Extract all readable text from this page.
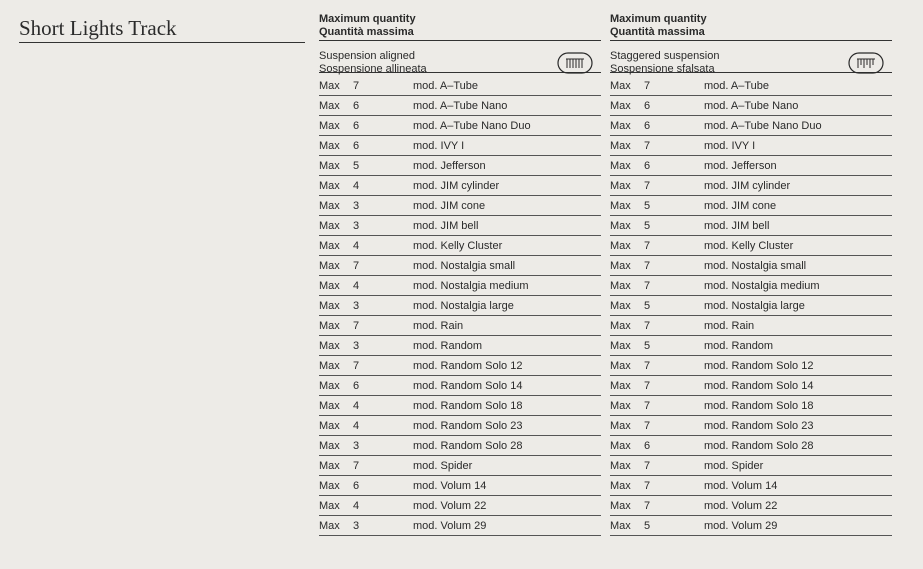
Short Lights Track	Maximum quantity
Quantità massima
Suspension aligned
Sospensione allineata
Max	7	mod. A–Tube
Max	6	mod. A–Tube Nano
Max	6	mod. A–Tube Nano Duo
Max	6	mod. IVY I
Max	5	mod. Jefferson
Max	4	mod. JIM cylinder
Max	3	mod. JIM cone
Max	3	mod. JIM bell
Max	4	mod. Kelly Cluster
Max	7	mod. Nostalgia small
Max	4	mod. Nostalgia medium
Max	3	mod. Nostalgia large
Max	7	mod. Rain
Max	3	mod. Random
Max	7	mod. Random Solo 12
Max	6	mod. Random Solo 14
Max	4	mod. Random Solo 18
Max	4	mod. Random Solo 23
Max	3	mod. Random Solo 28
Max	7	mod. Spider
Max	6	mod. Volum 14
Max	4	mod. Volum 22
Max	3	mod. Volum 29
Maximum quantity
Quantità massima
Staggered suspension
Sospensione sfalsata
Max	7	mod. A–Tube
Max	6	mod. A–Tube Nano
Max	6	mod. A–Tube Nano Duo
Max	7	mod. IVY I
Max	6	mod. Jefferson
Max	7	mod. JIM cylinder
Max	5	mod. JIM cone
Max	5	mod. JIM bell
Max	7	mod. Kelly Cluster
Max	7	mod. Nostalgia small
Max	7	mod. Nostalgia medium
Max	5	mod. Nostalgia large
Max	7	mod. Rain
Max	5	mod. Random
Max	7	mod. Random Solo 12
Max	7	mod. Random Solo 14
Max	7	mod. Random Solo 18
Max	7	mod. Random Solo 23
Max	6	mod. Random Solo 28
Max	7	mod. Spider
Max	7	mod. Volum 14
Max	7	mod. Volum 22
Max	5	mod. Volum 29
